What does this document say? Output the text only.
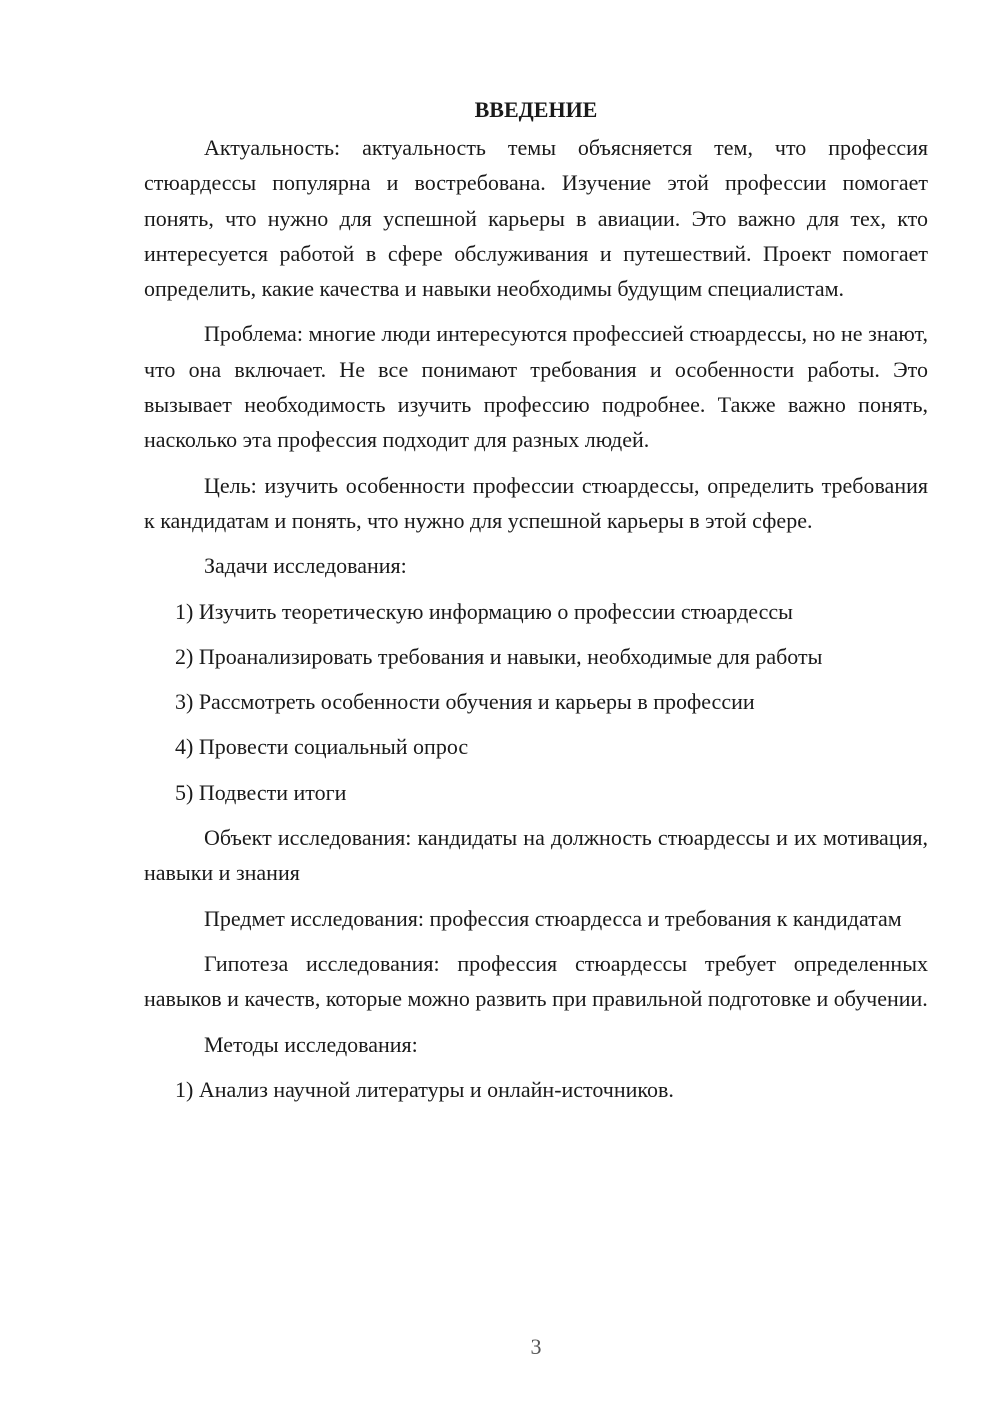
ВВЕДЕНИЕ

Актуальность: актуальность темы объясняется тем, что профессия стюардессы популярна и востребована. Изучение этой профессии помогает понять, что нужно для успешной карьеры в авиации. Это важно для тех, кто интересуется работой в сфере обслуживания и путешествий. Проект помогает определить, какие качества и навыки необходимы будущим специалистам.

Проблема: многие люди интересуются профессией стюардессы, но не знают, что она включает. Не все понимают требования и особенности работы. Это вызывает необходимость изучить профессию подробнее. Также важно понять, насколько эта профессия подходит для разных людей.

Цель: изучить особенности профессии стюардессы, определить требования к кандидатам и понять, что нужно для успешной карьеры в этой сфере.

Задачи исследования:

1) Изучить теоретическую информацию о профессии стюардессы
2) Проанализировать требования и навыки, необходимые для работы
3) Рассмотреть особенности обучения и карьеры в профессии
4) Провести социальный опрос
5) Подвести итоги

Объект исследования: кандидаты на должность стюардессы и их мотивация, навыки и знания

Предмет исследования: профессия стюардесса и требования к кандидатам

Гипотеза исследования: профессия стюардессы требует определенных навыков и качеств, которые можно развить при правильной подготовке и обучении.

Методы исследования:

1) Анализ научной литературы и онлайн-источников.
3
